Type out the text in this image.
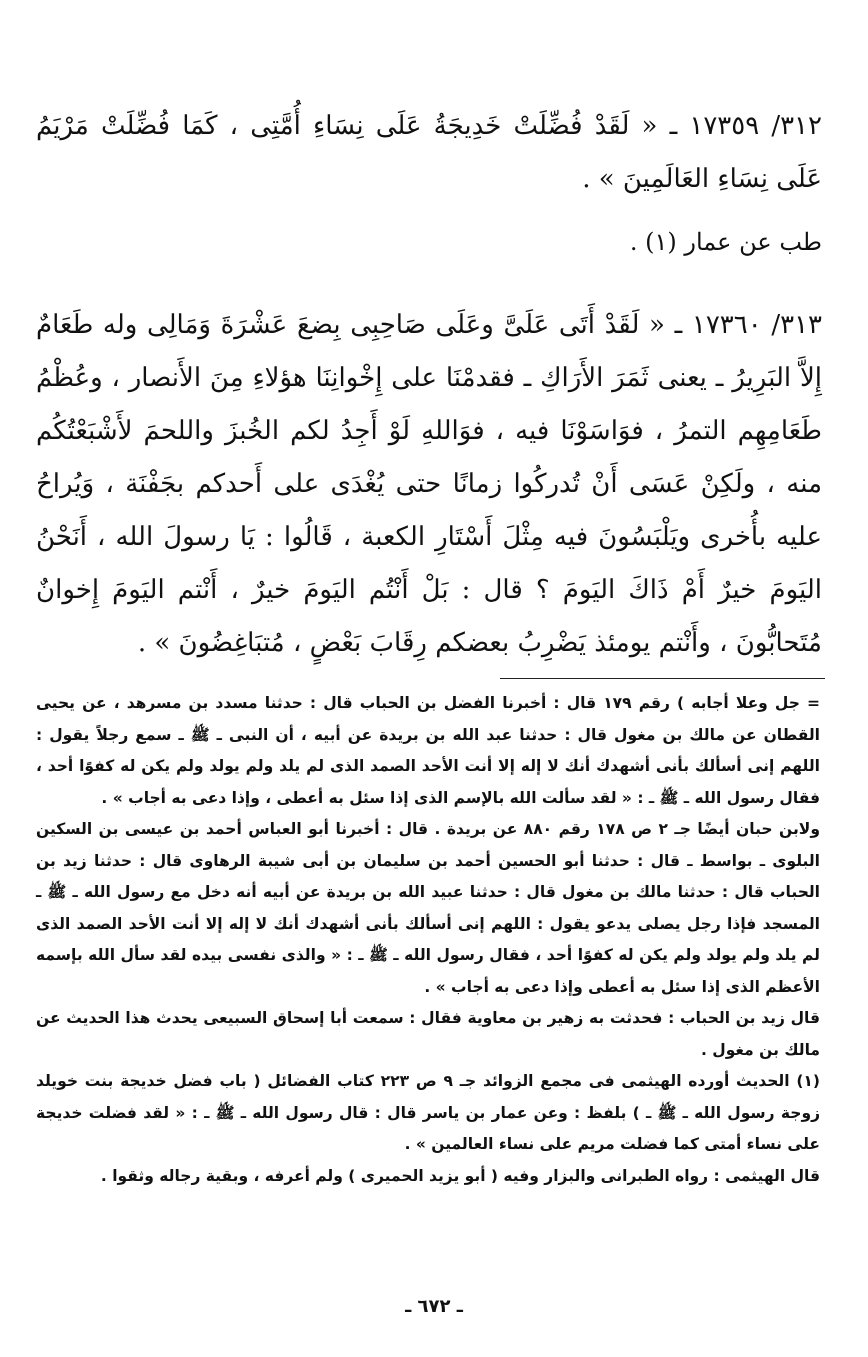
٣١٢/ ١٧٣٥٩ ـ « لَقَدْ فُضِّلَتْ خَدِيجَةُ عَلَى نِسَاءِ أُمَّتِى ، كَمَا فُضِّلَتْ مَرْيَمُ عَلَى نِسَاءِ العَالَمِينَ » .

طب عن عمار (١) .

٣١٣/ ١٧٣٦٠ ـ « لَقَدْ أَتَى عَلَىَّ وعَلَى صَاحِبِى بِضعَ عَشْرَةَ وَمَالِى وله طَعَامٌ إِلاَّ البَرِيرُ ـ يعنى ثَمَرَ الأَرَاكِ ـ فقدمْنَا على إِخْوانِنَا هؤلاءِ مِنَ الأَنصار ، وعُظْمُ طَعَامِهِم التمرُ ، فوَاسَوْنَا فيه ، فوَاللهِ لَوْ أَجِدُ لكم الخُبزَ واللحمَ لأَشْبَعْتُكُم منه ، ولَكِنْ عَسَى أَنْ تُدركُوا زمانًا حتى يُغْدَى على أَحدكم بجَفْنَة ، وَيُراحُ عليه بأُخرى ويَلْبَسُونَ فيه مِثْلَ أَسْتَارِ الكعبة ، قَالُوا : يَا رسولَ الله ، أَنَحْنُ اليَومَ خيرٌ أَمْ ذَاكَ اليَومَ ؟ قال : بَلْ أَنْتُم اليَومَ خيرٌ ، أَنْتم اليَومَ إِخوانٌ مُتَحابُّونَ ، وأَنْتم يومئذ يَضْرِبُ بعضكم رِقَابَ بَعْضٍ ، مُتبَاغِضُونَ » .

= جل وعلا أجابه ) رقم ١٧٩ قال : أخبرنا الفضل بن الحباب قال : حدثنا مسدد بن مسرهد ، عن يحيى القطان عن مالك بن مغول قال : حدثنا عبد الله بن بريدة عن أبيه ، أن النبى ـ ﷺ ـ سمع رجلاً يقول : اللهم إنى أسألك بأنى أشهدك أنك لا إله إلا أنت الأحد الصمد الذى لم يلد ولم يولد ولم يكن له كفوًا أحد ، فقال رسول الله ـ ﷺ ـ : « لقد سألت الله بالإسم الذى إذا سئل به أعطى ، وإذا دعى به أجاب » .

ولابن حبان أيضًا جـ ٢ ص ١٧٨ رقم ٨٨٠ عن بريدة . قال : أخبرنا أبو العباس أحمد بن عيسى بن السكين البلوى ـ بواسط ـ قال : حدثنا أبو الحسين أحمد بن سليمان بن أبى شيبة الرهاوى قال : حدثنا زيد بن الحباب قال : حدثنا مالك بن مغول قال : حدثنا عبيد الله بن بريدة عن أبيه أنه دخل مع رسول الله ـ ﷺ ـ المسجد فإذا رجل يصلى يدعو يقول : اللهم إنى أسألك بأنى أشهدك أنك لا إله إلا أنت الأحد الصمد الذى لم يلد ولم يولد ولم يكن له كفوًا أحد ، فقال رسول الله ـ ﷺ ـ : « والذى نفسى بيده لقد سأل الله بإسمه الأعظم الذى إذا سئل به أعطى وإذا دعى به أجاب » .

قال زيد بن الحباب : فحدثت به زهير بن معاوية فقال : سمعت أبا إسحاق السبيعى يحدث هذا الحديث عن مالك بن مغول .

(١) الحديث أورده الهيثمى فى مجمع الزوائد جـ ٩ ص ٢٢٣ كتاب الفضائل ( باب فضل خديجة بنت خويلد زوجة رسول الله ـ ﷺ ـ ) بلفظ : وعن عمار بن ياسر قال : قال رسول الله ـ ﷺ ـ : « لقد فضلت خديجة على نساء أمتى كما فضلت مريم على نساء العالمين » .

قال الهيثمى : رواه الطبرانى والبزار وفيه ( أبو يزيد الحميرى ) ولم أعرفه ، وبقية رجاله وثقوا .

ـ ٦٧٢ ـ
